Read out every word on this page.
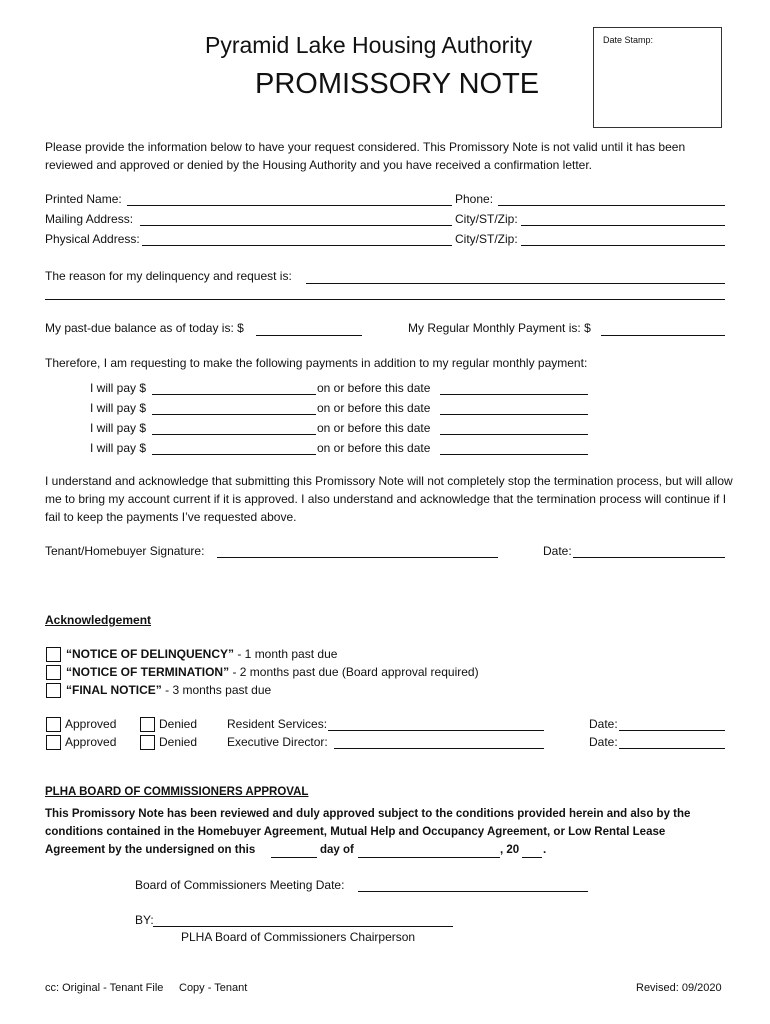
Pyramid Lake Housing Authority
PROMISSORY NOTE
Date Stamp:
Please provide the information below to have your request considered. This Promissory Note is not valid until it has been reviewed and approved or denied by the Housing Authority and you have received a confirmation letter.
Printed Name:	Phone:
Mailing Address:	City/ST/Zip:
Physical Address:	City/ST/Zip:
The reason for my delinquency and request is:
My past-due balance as of today is: $	My Regular Monthly Payment is: $
Therefore, I am requesting to make the following payments in addition to my regular monthly payment:
I will pay $	on or before this date
I will pay $	on or before this date
I will pay $	on or before this date
I will pay $	on or before this date
I understand and acknowledge that submitting this Promissory Note will not completely stop the termination process, but will allow me to bring my account current if it is approved. I also understand and acknowledge that the termination process will continue if I fail to keep the payments I’ve requested above.
Tenant/Homebuyer Signature:	Date:
Acknowledgement
“NOTICE OF DELINQUENCY” - 1 month past due
“NOTICE OF TERMINATION” - 2 months past due (Board approval required)
“FINAL NOTICE” - 3 months past due
Approved	Denied Resident Services:	Date:
Approved	Denied Executive Director:	Date:
PLHA BOARD OF COMMISSIONERS APPROVAL
This Promissory Note has been reviewed and duly approved subject to the conditions provided herein and also by the
conditions contained in the Homebuyer Agreement, Mutual Help and Occupancy Agreement, or Low Rental Lease
Agreement by the undersigned on this	day of	, 20 .
Board of Commissioners Meeting Date:
BY:
PLHA Board of Commissioners Chairperson
cc: Original - Tenant File Copy - Tenant	Revised: 09/2020
